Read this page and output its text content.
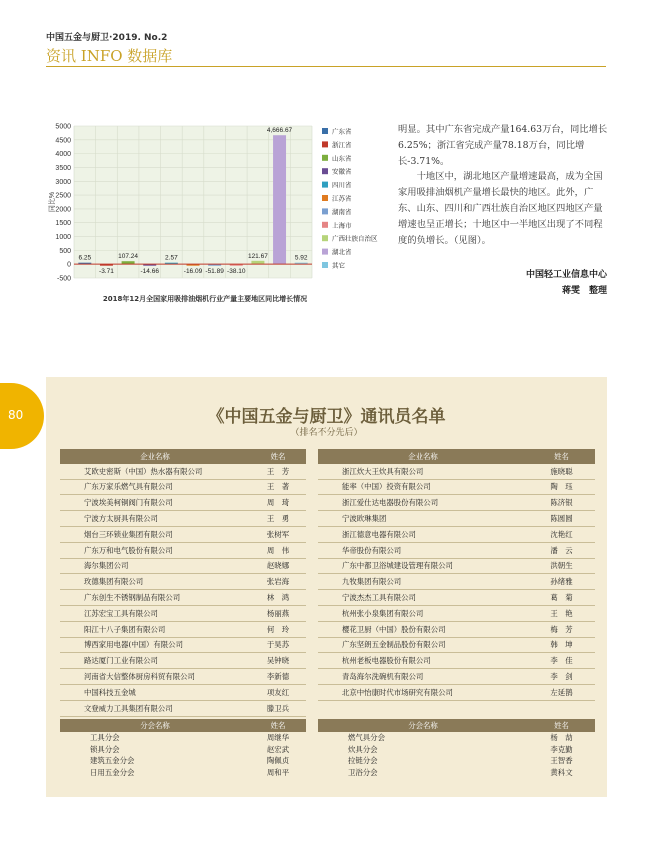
中国五金与厨卫·2019. No.2
资讯 INFO 数据库
5000
4500
4000
3500
3000
2500
2000
1500
1000
500
0
-500
同比%
6.25
-3.71
107.24
-14.66
2.57
-16.09 -51.89 -38.10
121.67
4,666.67
5.92
广东省
浙江省
山东省
安徽省
四川省
江苏省
湖南省
上海市
广西壮族自治区
湖北省
其它
2018年12月全国家用吸排油烟机行业产量主要地区同比增长情况

明显。其中广东省完成产量164.63万台，同比增长6.25%；浙江省完成产量78.18万台，同比增长-3.71%。

十地区中，湖北地区产量增速最高，成为全国家用吸排油烟机产量增长最快的地区。此外，广东、山东、四川和广西壮族自治区地区四地区产量增速也呈正增长；十地区中一半地区出现了不同程度的负增长。（见图）。

中国轻工业信息中心
蒋雯　整理
80	《中国五金与厨卫》通讯员名单
（排名不分先后）
企业名称	姓名		企业名称	姓名
艾欧史密斯（中国）热水器有限公司	王　芳		浙江炊大王炊具有限公司	施晓聪
广东万家乐燃气具有限公司	王　著		能率（中国）投资有限公司	陶　珏
宁波埃美柯铜阀门有限公司	周　琦		浙江爱仕达电器股份有限公司	陈济银
宁波方太厨具有限公司	王　勇		宁波欧琳集团	陈圆圆
烟台三环锁业集团有限公司	张树军		浙江德意电器有限公司	沈艳红
广东万和电气股份有限公司	周　伟		华帝股份有限公司	潘　云
海尔集团公司	赵晓娜		广东中都卫浴城建设管理有限公司	洪朝生
玫德集团有限公司	张岩海		九牧集团有限公司	孙绪雅
广东创生不锈钢制品有限公司	林　鸿		宁波杰杰工具有限公司	葛　菊
江苏宏宝工具有限公司	杨丽燕		杭州张小泉集团有限公司	王　艳
阳江十八子集团有限公司	何　玲		樱花卫厨（中国）股份有限公司	梅　芳
博西家用电器(中国）有限公司	于昊苏		广东坚朗五金制品股份有限公司	韩　坤
路达厦门工业有限公司	吴钟晓		杭州老板电器股份有限公司	李　佳
河南省大信整体厨房科贸有限公司	李新德		青岛海尔洗碗机有限公司	李　剑
中国科技五金城	项友红		北京中怡康时代市场研究有限公司	左延鹊
文登威力工具集团有限公司	滕卫兵			
分会名称	姓名		分会名称	姓名
工具分会	周继华		燃气具分会	杨　劼
锁具分会	赵宏武		炊具分会	李克勤
建筑五金分会	陶佩贞		拉链分会	王智香
日用五金分会	周和平		卫浴分会	黄科文
